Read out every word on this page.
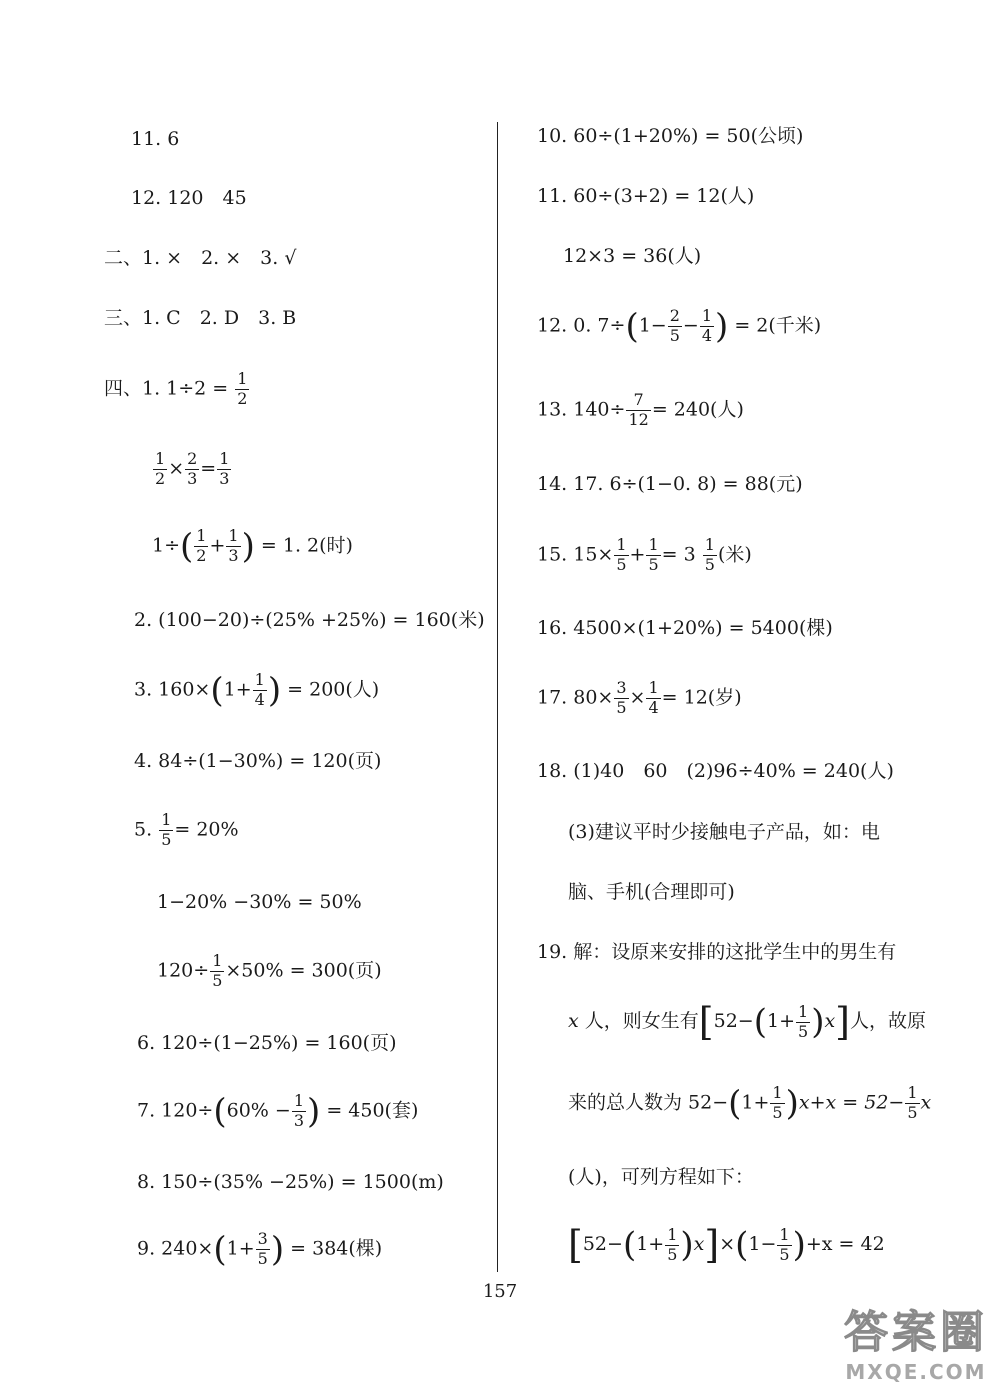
11. 6
12. 120　45
二、1. ×　2. ×　3. √
三、1. C　2. D　3. B
四、1. $1\div 2 = \frac{1}{2}$
$\frac{1}{2} \times \frac{2}{3} = \frac{1}{3}$
$1\div( \frac{1}{2} + \frac{1}{3}$ ) = 1. 2(时)
2. (100−20)÷(25% +25%) = 160(米)
3. $160\times(1+ \frac{1}{4}$ ) = 200(人)
4. 84÷(1−30%) = 120(页)
5. $\frac{1}{5} = 20\%$
1−20% −30% = 50%
$120\div \frac{1}{5} \times 50\% = 300$(页)
6. 120÷(1−25%) = 160(页)
7. $120\div(60\% - \frac{1}{3}$ ) = 450(套)
8. 150÷(35% −25%) = 1500(m)
9. $240\times(1+ \frac{3}{5}$ ) = 384(棵)
10. 60÷(1+20%) = 50(公顷)
11. 60÷(3+2) = 12(人)
12×3 = 36(人)
12. 0. $7\div(1- \frac{2}{5} - \frac{1}{4}$ ) = 2(千米)
13. $140\div \frac{7}{12} = 240$(人)
14. 17. 6÷(1−0. 8) = 88(元)
15. $15\times \frac{1}{5} + \frac{1}{5} = 3 \frac{1}{5}$ (米)
16. 4500×(1+20%) = 5400(棵)
17. $80\times \frac{3}{5} \times \frac{1}{4} = 12$(岁)
18. (1)40　60　(2)96÷40% = 240(人)
(3)建议平时少接触电子产品，如：电
脑、手机(合理即可)
19. 解：设原来安排的这批学生中的男生有
x 人，则女生有$[52-(1+ \frac{1}{5} )x]$人，故原
来的总人数为 $52-(1+ \frac{1}{5} )x+x = 52- \frac{1}{5}$ x
(人)，可列方程如下：
$[52-(1+ \frac{1}{5} )x]\times(1- \frac{1}{5} )+x = 42$
157
答案圈
MXQE.COM
